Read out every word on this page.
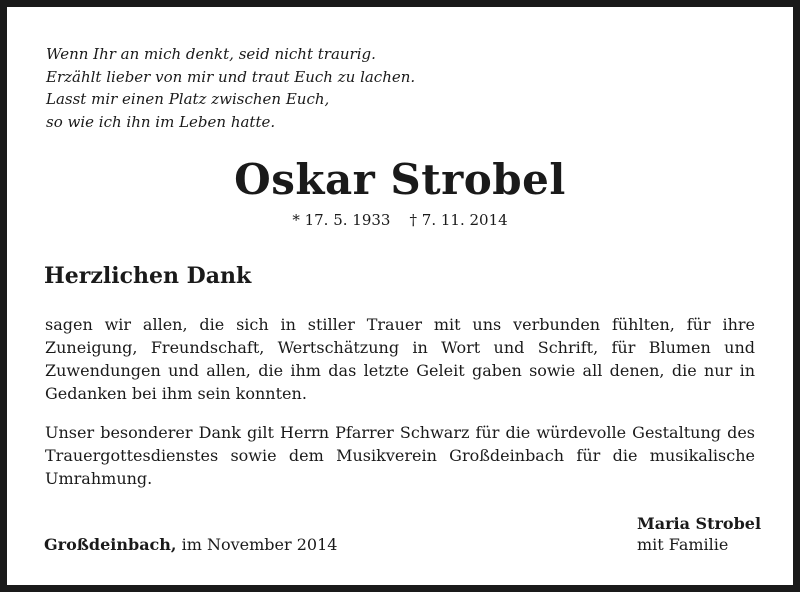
Wenn Ihr an mich denkt, seid nicht traurig.
Erzählt lieber von mir und traut Euch zu lachen.
Lasst mir einen Platz zwischen Euch,
so wie ich ihn im Leben hatte.
Oskar Strobel
* 17. 5. 1933    † 7. 11. 2014
Herzlichen Dank
sagen wir allen, die sich in stiller Trauer mit uns verbunden fühlten, für ihre Zuneigung, Freundschaft, Wertschätzung in Wort und Schrift, für Blumen und Zuwendungen und allen, die ihm das letzte Geleit gaben sowie all denen, die nur in Gedanken bei ihm sein konnten.
Unser besonderer Dank gilt Herrn Pfarrer Schwarz für die würdevolle Gestaltung des Trauergottesdienstes sowie dem Musikverein Großdeinbach für die musikalische Umrahmung.
Großdeinbach, im November 2014
Maria Strobel
mit Familie
